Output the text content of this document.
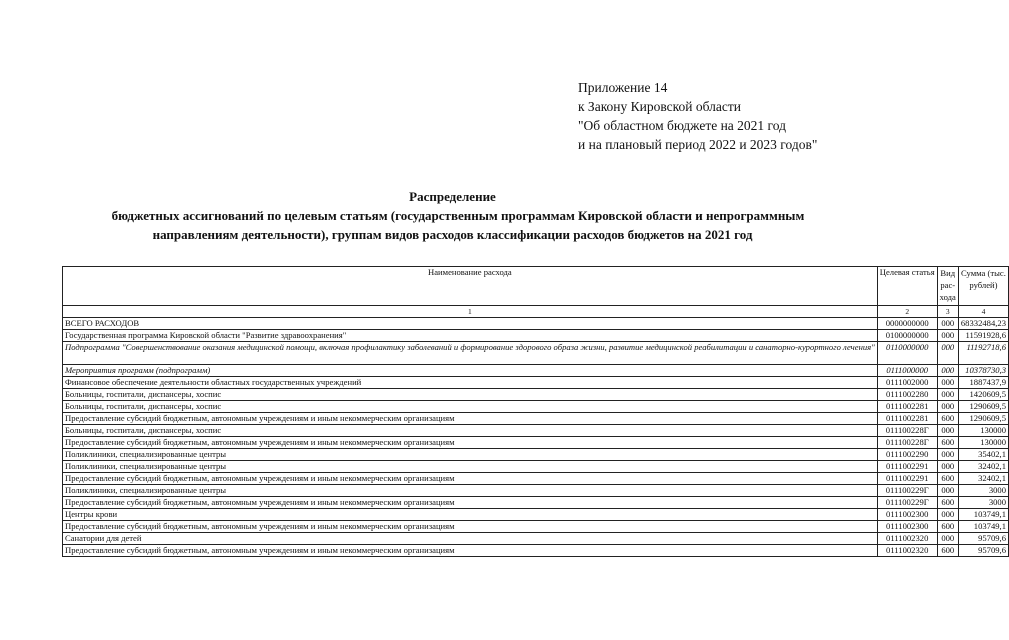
Приложение 14
к Закону Кировской области
"Об областном бюджете на 2021 год
и на плановый период 2022 и 2023 годов"
Распределение
бюджетных ассигнований по целевым статьям (государственным программам Кировской области и непрограммным
направлениям деятельности), группам видов расходов классификации расходов бюджетов на 2021 год
Наименование расхода	Целевая статья	Вид рас-хода	Сумма (тыс. рублей)
1	2	3	4
ВСЕГО РАСХОДОВ	0000000000	000	68332484,23
Государственная программа Кировской области "Развитие здравоохранения"	0100000000	000	11591928,6
Подпрограмма "Совершенствование оказания медицинской помощи, включая профилактику заболеваний и формирование здорового образа жизни, развитие медицинской реабилитации и санаторно-курортного лечения"	0110000000	000	11192718,6
Мероприятия программ (подпрограмм)	0111000000	000	10378730,3
Финансовое обеспечение деятельности областных государственных учреждений	0111002000	000	1887437,9
Больницы, госпитали, диспансеры, хоспис	0111002280	000	1420609,5
Больницы, госпитали, диспансеры, хоспис	0111002281	000	1290609,5
Предоставление субсидий бюджетным, автономным учреждениям и иным некоммерческим организациям	0111002281	600	1290609,5
Больницы, госпитали, диспансеры, хоспис	011100228Г	000	130000
Предоставление субсидий бюджетным, автономным учреждениям и иным некоммерческим организациям	011100228Г	600	130000
Поликлиники, специализированные центры	0111002290	000	35402,1
Поликлиники, специализированные центры	0111002291	000	32402,1
Предоставление субсидий бюджетным, автономным учреждениям и иным некоммерческим организациям	0111002291	600	32402,1
Поликлиники, специализированные центры	011100229Г	000	3000
Предоставление субсидий бюджетным, автономным учреждениям и иным некоммерческим организациям	011100229Г	600	3000
Центры крови	0111002300	000	103749,1
Предоставление субсидий бюджетным, автономным учреждениям и иным некоммерческим организациям	0111002300	600	103749,1
Санатории для детей	0111002320	000	95709,6
Предоставление субсидий бюджетным, автономным учреждениям и иным некоммерческим организациям	0111002320	600	95709,6
